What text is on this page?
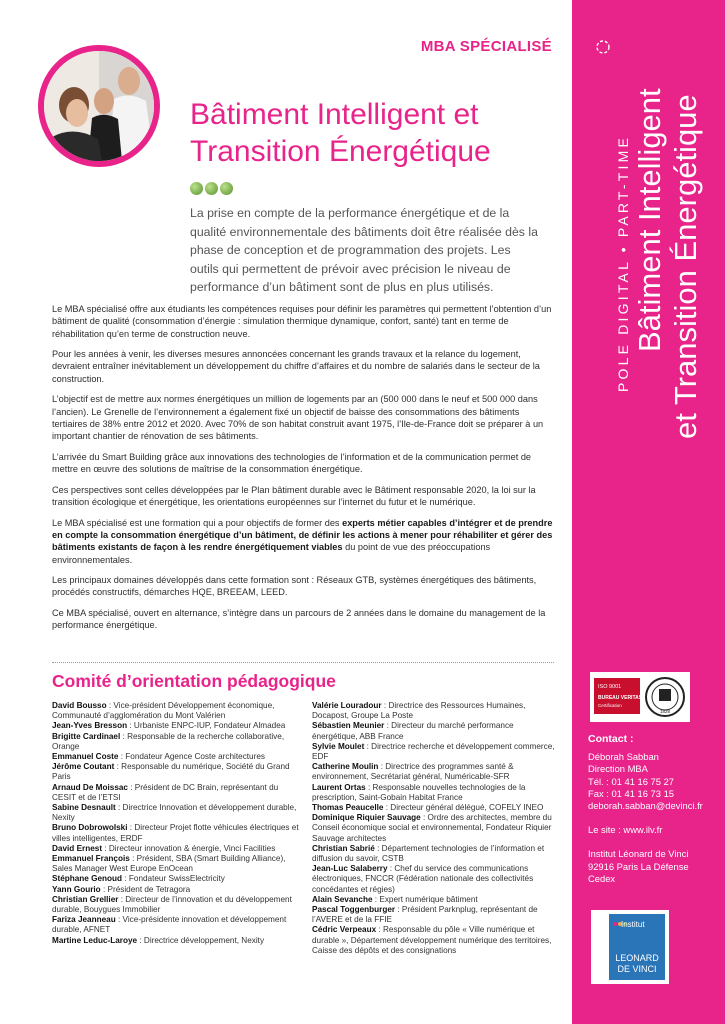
MBA SPÉCIALISÉ
Bâtiment Intelligent et
Transition Énergétique

La prise en compte de la performance énergétique et de la qualité environnementale des bâtiments doit être réalisée dès la phase de conception et de programmation des projets. Les outils qui permettent de prévoir avec précision le niveau de performance d’un bâtiment sont de plus en plus utilisés.

Le MBA spécialisé offre aux étudiants les compétences requises pour définir les paramètres qui permettent l’obtention d’un bâtiment de qualité (consommation d’énergie : simulation thermique dynamique, confort, santé) tant en terme de réhabilitation qu’en terme de construction neuve.

Pour les années à venir, les diverses mesures annoncées concernant les grands travaux et la relance du logement, devraient entraîner inévitablement un développement du chiffre d’affaires et du nombre de salariés dans le secteur de la construction.

L’objectif est de mettre aux normes énergétiques un million de logements par an (500 000 dans le neuf et 500 000 dans l’ancien). Le Grenelle de l’environnement a également fixé un objectif de baisse des consommations des bâtiments tertiaires de 38% entre 2012 et 2020. Avec 70% de son habitat construit avant 1975, l’Ile-de-France doit se préparer à un important chantier de rénovation de ses bâtiments.

L’arrivée du Smart Building grâce aux innovations des technologies de l’information et de la communication permet de mettre en œuvre des solutions de maîtrise de la consommation énergétique.

Ces perspectives sont celles développées par le Plan bâtiment durable avec le Bâtiment responsable 2020, la loi sur la transition écologique et énergétique, les orientations européennes sur l’internet du futur et le numérique.

Le MBA spécialisé est une formation qui a pour objectifs de former des experts métier capables d’intégrer et de prendre en compte la consommation énergétique d’un bâtiment, de définir les actions à mener pour réhabiliter et gérer des bâtiments existants de façon à les rendre énergétiquement viables du point de vue des préoccupations environnementales.

Les principaux domaines développés dans cette formation sont : Réseaux GTB, systèmes énergétiques des bâtiments, procédés constructifs, démarches HQE, BREEAM, LEED.

Ce MBA spécialisé, ouvert en alternance, s’intègre dans un parcours de 2 années dans le domaine du management de la performance énergétique.

Comité d’orientation pédagogique

David Bousso : Vice-président Développement économique, Communauté d’agglomération du Mont Valérien

Jean-Yves Bresson : Urbaniste ENPC-IUP, Fondateur Almadea

Brigitte Cardinael : Responsable de la recherche collaborative, Orange

Emmanuel Coste : Fondateur Agence Coste architectures

Jérôme Coutant : Responsable du numérique, Société du Grand Paris

Arnaud De Moissac : Président de DC Brain, représentant du CESIT et de l’ETSI

Sabine Desnault : Directrice Innovation et développement durable, Nexity

Bruno Dobrowolski : Directeur Projet flotte véhicules électriques et villes intelligentes, ERDF

David Ernest : Directeur innovation & énergie, Vinci Facilities

Emmanuel François : Président, SBA (Smart Building Alliance), Sales Manager West Europe EnOcean

Stéphane Genoud : Fondateur SwissElectricity

Yann Gourio : Président de Tetragora

Christian Grellier : Directeur de l’innovation et du développement durable, Bouygues Immobilier

Fariza Jeanneau : Vice-présidente innovation et développement durable, AFNET

Martine Leduc-Laroye : Directrice développement, Nexity

Valérie Louradour : Directrice des Ressources Humaines, Docapost, Groupe La Poste

Sébastien Meunier : Directeur du marché performance énergétique, ABB France

Sylvie Moulet : Directrice recherche et développement commerce, EDF

Catherine Moulin : Directrice des programmes santé & environnement, Secrétariat général, Numéricable-SFR

Laurent Ortas : Responsable nouvelles technologies de la prescription, Saint-Gobain Habitat France

Thomas Peaucelle : Directeur général délégué, COFELY INEO

Dominique Riquier Sauvage : Ordre des architectes, membre du Conseil économique social et environnemental, Fondateur Riquier Sauvage architectes

Christian Sabrié : Département technologies de l’information et diffusion du savoir, CSTB

Jean-Luc Salaberry : Chef du service des communications électroniques, FNCCR (Fédération nationale des collectivités concédantes et régies)

Alain Sevanche : Expert numérique bâtiment

Pascal Toggenburger : Président Parknplug, représentant de l’AVERE et de la FFIE

Cédric Verpeaux : Responsable du pôle « Ville numérique et durable », Département développement numérique des territoires, Caisse des dépôts et des consignations

POLE DIGITAL • PART-TIME Bâtiment Intelligent et Transition Énergétique
ISO 9001
BUREAU VERITAS
Certification
1828

Contact :

Déborah Sabban

Direction MBA

Tél. : 01 41 16 75 27

Fax : 01 41 16 73 15

deborah.sabban@devinci.fr

Le site : www.ilv.fr

Institut Léonard de Vinci

92916 Paris La Défense

Cedex

Institut
LEONARD
DE VINCI
